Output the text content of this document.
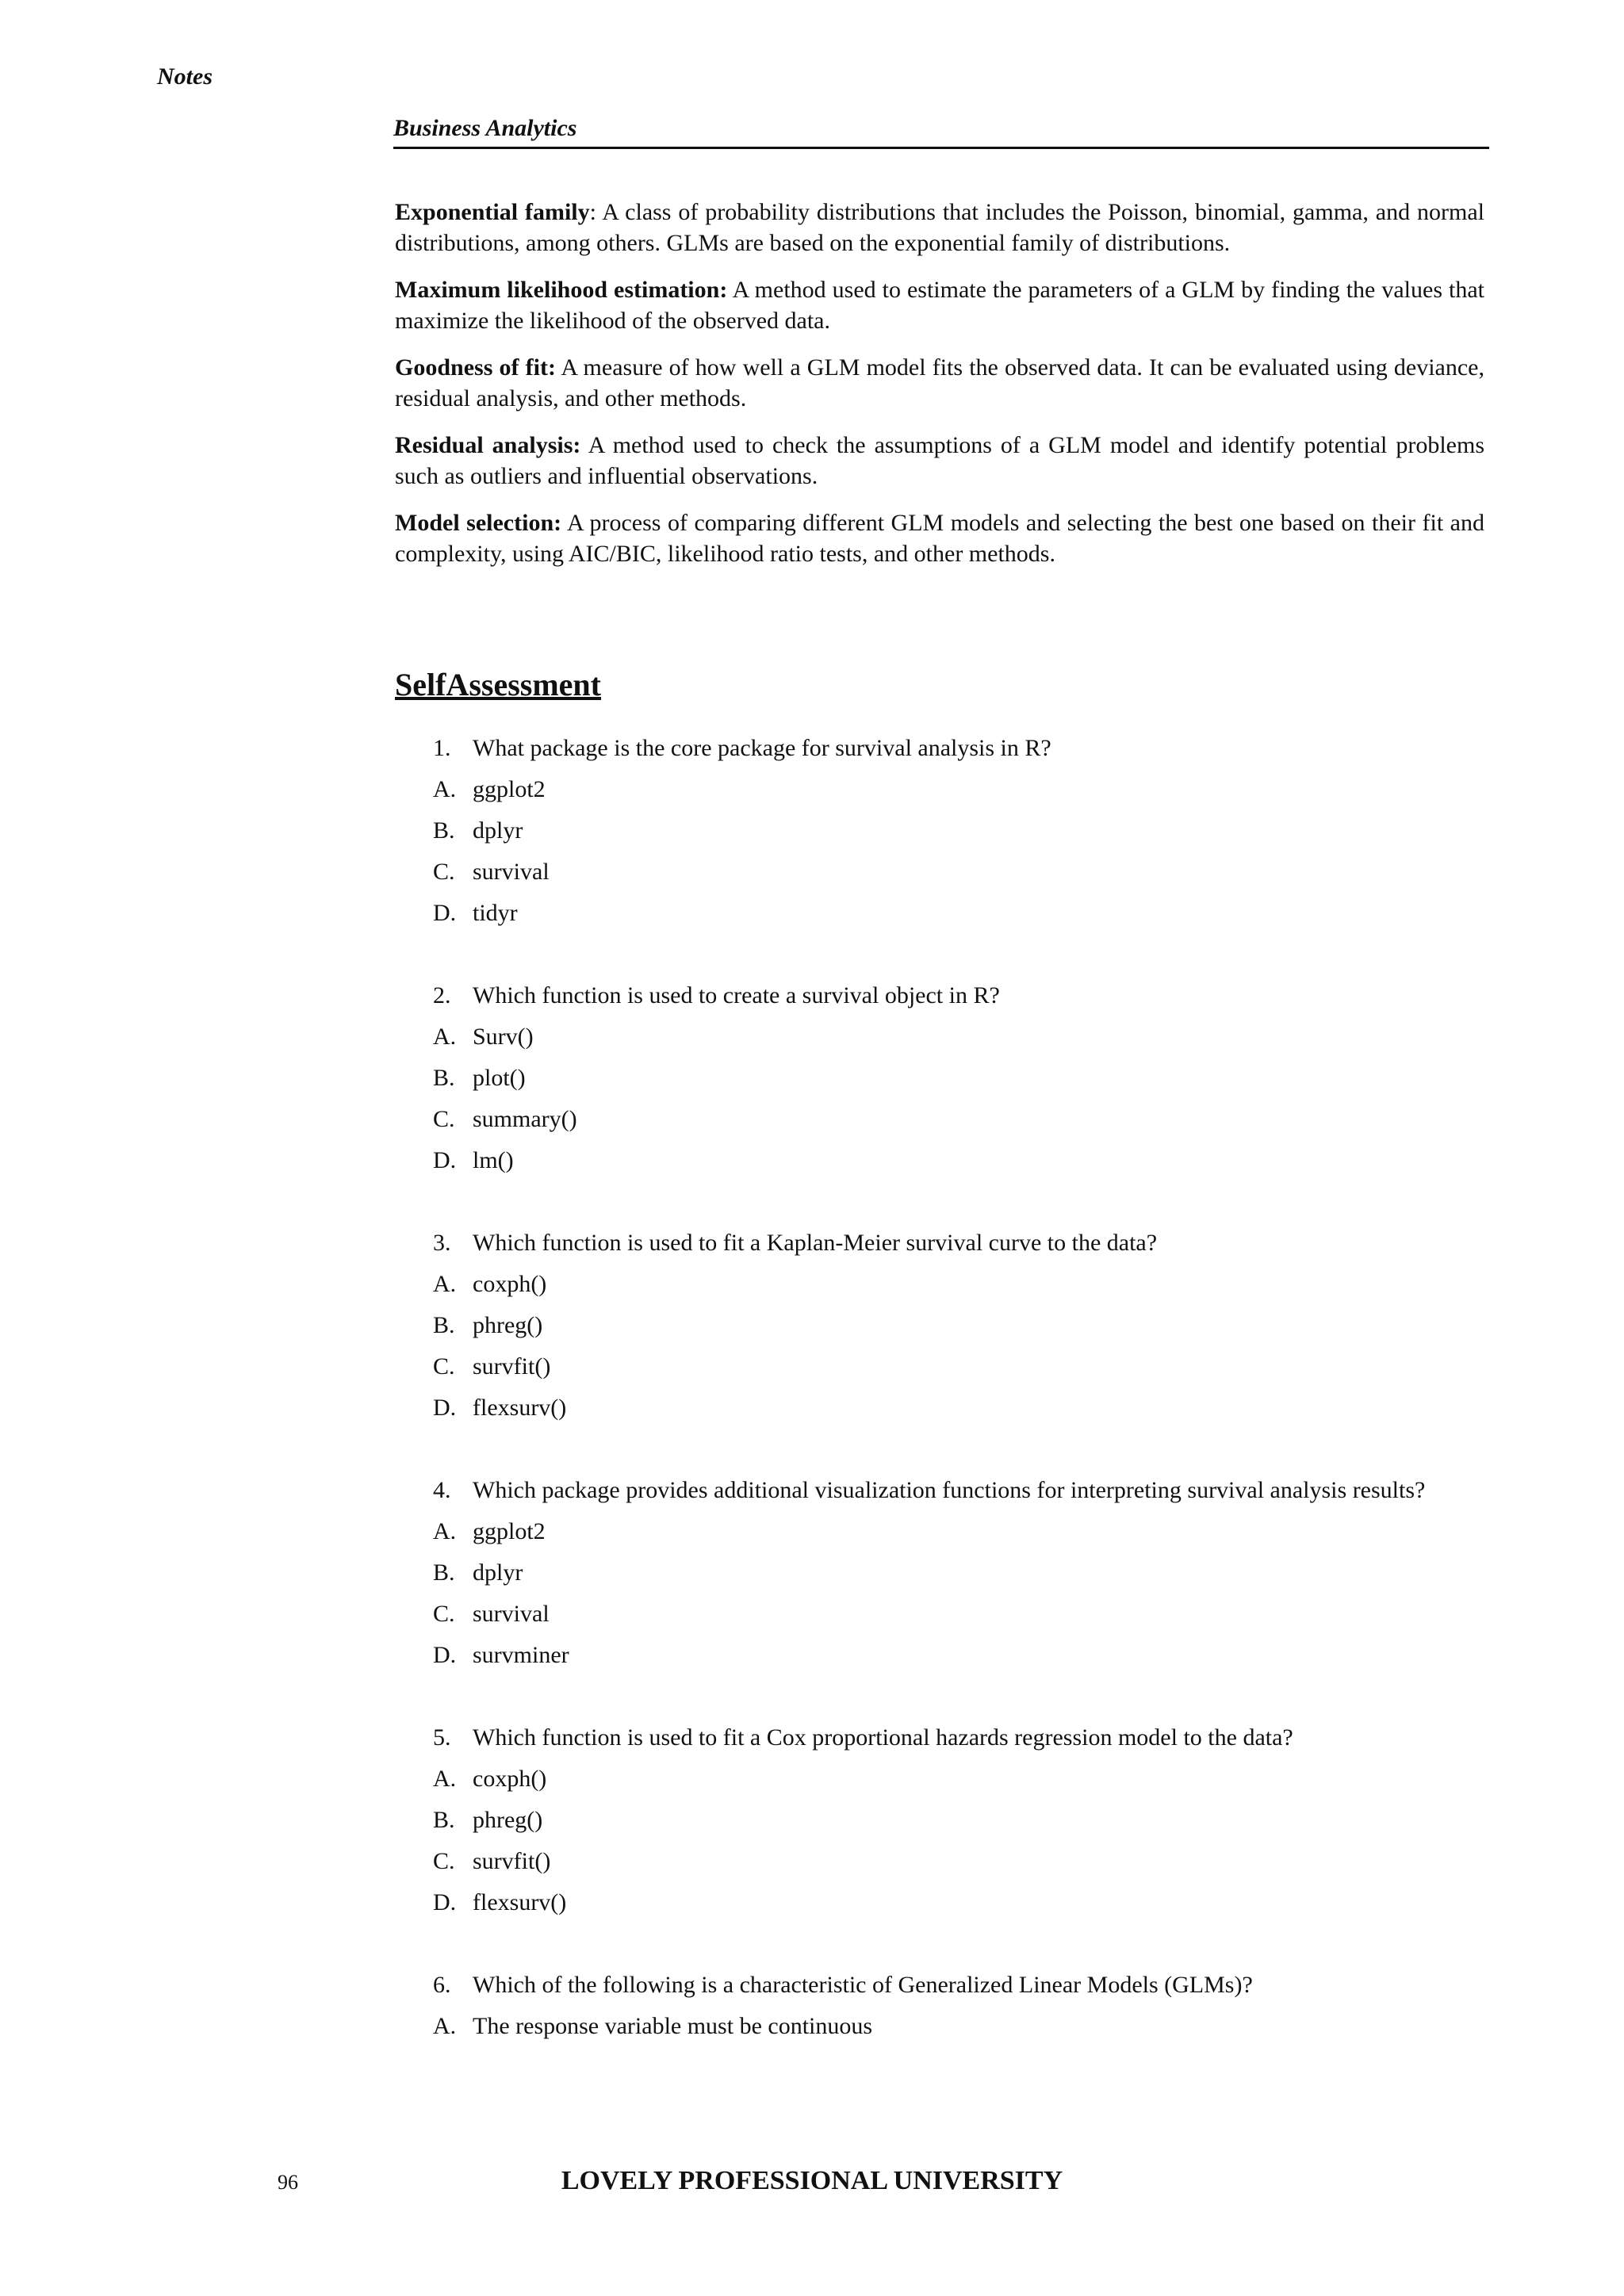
Notes
Business Analytics

Exponential family: A class of probability distributions that includes the Poisson, binomial, gamma, and normal distributions, among others. GLMs are based on the exponential family of distributions.

Maximum likelihood estimation: A method used to estimate the parameters of a GLM by finding the values that maximize the likelihood of the observed data.

Goodness of fit: A measure of how well a GLM model fits the observed data. It can be evaluated using deviance, residual analysis, and other methods.

Residual analysis: A method used to check the assumptions of a GLM model and identify potential problems such as outliers and influential observations.

Model selection: A process of comparing different GLM models and selecting the best one based on their fit and complexity, using AIC/BIC, likelihood ratio tests, and other methods.

SelfAssessment
1. What package is the core package for survival analysis in R?
A. ggplot2
B. dplyr
C. survival
D. tidyr
2. Which function is used to create a survival object in R?
A. Surv()
B. plot()
C. summary()
D. lm()
3. Which function is used to fit a Kaplan-Meier survival curve to the data?
A. coxph()
B. phreg()
C. survfit()
D. flexsurv()
4. Which package provides additional visualization functions for interpreting survival analysis results?
A. ggplot2
B. dplyr
C. survival
D. survminer
5. Which function is used to fit a Cox proportional hazards regression model to the data?
A. coxph()
B. phreg()
C. survfit()
D. flexsurv()
6. Which of the following is a characteristic of Generalized Linear Models (GLMs)?
A. The response variable must be continuous
96	LOVELY PROFESSIONAL UNIVERSITY
